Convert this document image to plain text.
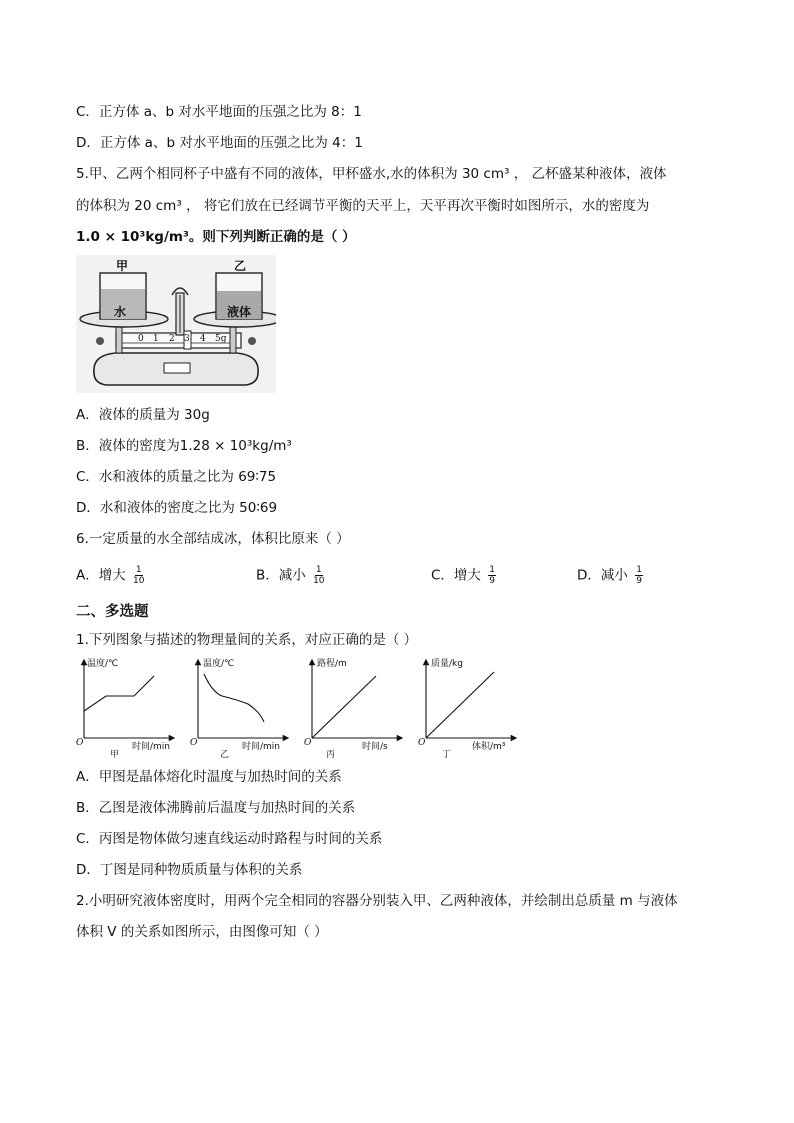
C．正方体 a、b 对水平地面的压强之比为 8：1
D．正方体 a、b 对水平地面的压强之比为 4：1
5.甲、乙两个相同杯子中盛有不同的液体，甲杯盛水,水的体积为 30 cm³ ， 乙杯盛某种液体，液体
的体积为 20 cm³ ， 将它们放在已经调节平衡的天平上，天平再次平衡时如图所示，水的密度为
1.0 × 10³kg/m³。则下列判断正确的是（ ）
甲	乙
水	液体
0 1 2 3 4 5g
A．液体的质量为 30g
B．液体的密度为1.28 × 10³kg/m³
C．水和液体的质量之比为 69∶75
D．水和液体的密度之比为 50∶69
6.一定质量的水全部结成冰，体积比原来（ ）
A．增大 $\frac{1}{10}$	B．减小 $\frac{1}{10}$	C．增大 $\frac{1}{9}$	D．减小 $\frac{1}{9}$
二、多选题
1.下列图象与描述的物理量间的关系，对应正确的是（ ）
温度/℃
时间/min
O
甲
温度/℃
时间/min
O
乙
路程/m
时间/s
O
丙
质量/kg
体积/m³
O
丁
A．甲图是晶体熔化时温度与加热时间的关系
B．乙图是液体沸腾前后温度与加热时间的关系
C．丙图是物体做匀速直线运动时路程与时间的关系
D．丁图是同种物质质量与体积的关系
2.小明研究液体密度时，用两个完全相同的容器分别装入甲、乙两种液体，并绘制出总质量 m 与液体
体积 V 的关系如图所示，由图像可知（ ）
